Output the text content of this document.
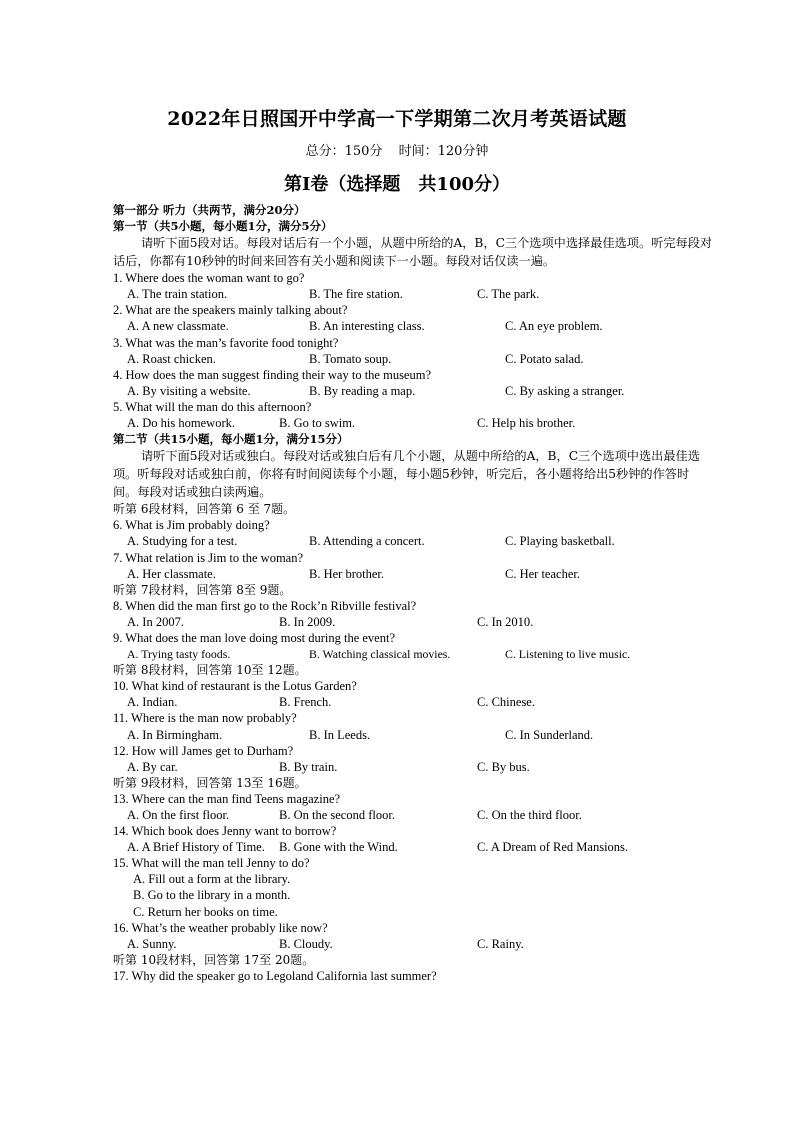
2022年日照国开中学高一下学期第二次月考英语试题
总分：150分 时间：120分钟
第Ⅰ卷（选择题　共100分）
第一部分 听力（共两节，满分20分）
第一节（共5小题，每小题1分，满分5分）

请听下面5段对话。每段对话后有一个小题，从题中所给的A，B，C三个选项中选择最佳选项。听完每段对话后，你都有10秒钟的时间来回答有关小题和阅读下一小题。每段对话仅读一遍。

1. Where does the woman want to go?
A. The train station.	B. The fire station.	C. The park.
2. What are the speakers mainly talking about?
A. A new classmate.	B. An interesting class.	C. An eye problem.
3. What was the man’s favorite food tonight?
A. Roast chicken.	B. Tomato soup.	C. Potato salad.
4. How does the man suggest finding their way to the museum?
A. By visiting a website.	B. By reading a map.	C. By asking a stranger.
5. What will the man do this afternoon?
A. Do his homework.	B. Go to swim.	C. Help his brother.
第二节（共15小题，每小题1分，满分15分）

请听下面5段对话或独白。每段对话或独白后有几个小题，从题中所给的A，B，C三个选项中选出最佳选项。听每段对话或独白前，你将有时间阅读每个小题，每小题5秒钟，听完后，各小题将给出5秒钟的作答时间。每段对话或独白读两遍。

听第 6段材料，回答第 6 至 7题。
6. What is Jim probably doing?
A. Studying for a test.	B. Attending a concert.	C. Playing basketball.
7. What relation is Jim to the woman?
A. Her classmate.	B. Her brother.	C. Her teacher.
听第 7段材料，回答第 8至 9题。
8. When did the man first go to the Rock’n Ribville festival?
A. In 2007.	B. In 2009.	C. In 2010.
9. What does the man love doing most during the event?
A. Trying tasty foods.	B. Watching classical movies.	C. Listening to live music.
听第 8段材料，回答第 10至 12题。
10. What kind of restaurant is the Lotus Garden?
A. Indian.	B. French.	C. Chinese.
11. Where is the man now probably?
A. In Birmingham.	B. In Leeds.	C. In Sunderland.
12. How will James get to Durham?
A. By car.	B. By train.	C. By bus.
听第 9段材料，回答第 13至 16题。
13. Where can the man find Teens magazine?
A. On the first floor.	B. On the second floor.	C. On the third floor.
14. Which book does Jenny want to borrow?
A. A Brief History of Time. B. Gone with the Wind.	C. A Dream of Red Mansions.
15. What will the man tell Jenny to do?
A. Fill out a form at the library.
B. Go to the library in a month.
C. Return her books on time.
16. What’s the weather probably like now?
A. Sunny.	B. Cloudy.	C. Rainy.
听第 10段材料，回答第 17至 20题。
17. Why did the speaker go to Legoland California last summer?
